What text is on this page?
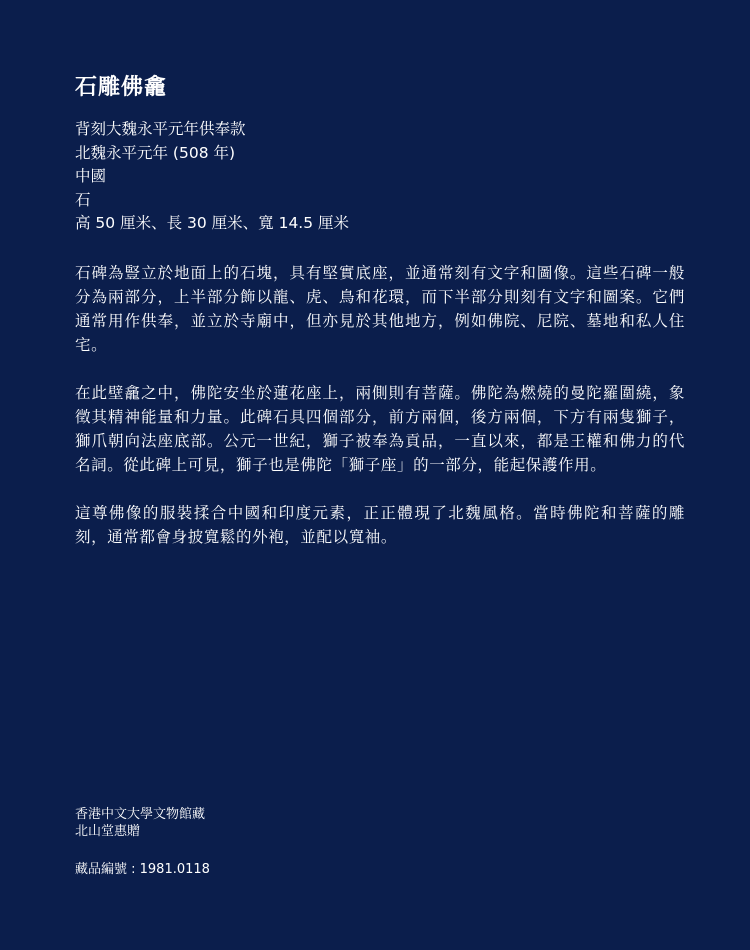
石雕佛龕
背刻大魏永平元年供奉款
北魏永平元年 (508 年)
中國
石
高 50 厘米、長 30 厘米、寬 14.5 厘米

石碑為豎立於地面上的石塊，具有堅實底座，並通常刻有文字和圖像。這些石碑一般分為兩部分，上半部分飾以龍、虎、鳥和花環，而下半部分則刻有文字和圖案。它們通常用作供奉，並立於寺廟中，但亦見於其他地方，例如佛院、尼院、墓地和私人住宅。

在此壁龕之中，佛陀安坐於蓮花座上，兩側則有菩薩。佛陀為燃燒的曼陀羅圍繞，象徵其精神能量和力量。此碑石具四個部分，前方兩個，後方兩個，下方有兩隻獅子，獅爪朝向法座底部。公元一世紀，獅子被奉為貢品，一直以來，都是王權和佛力的代名詞。從此碑上可見，獅子也是佛陀「獅子座」的一部分，能起保護作用。

這尊佛像的服裝揉合中國和印度元素，正正體現了北魏風格。當時佛陀和菩薩的雕刻，通常都會身披寬鬆的外袍，並配以寬袖。

香港中文大學文物館藏
北山堂惠贈
藏品編號 : 1981.0118
